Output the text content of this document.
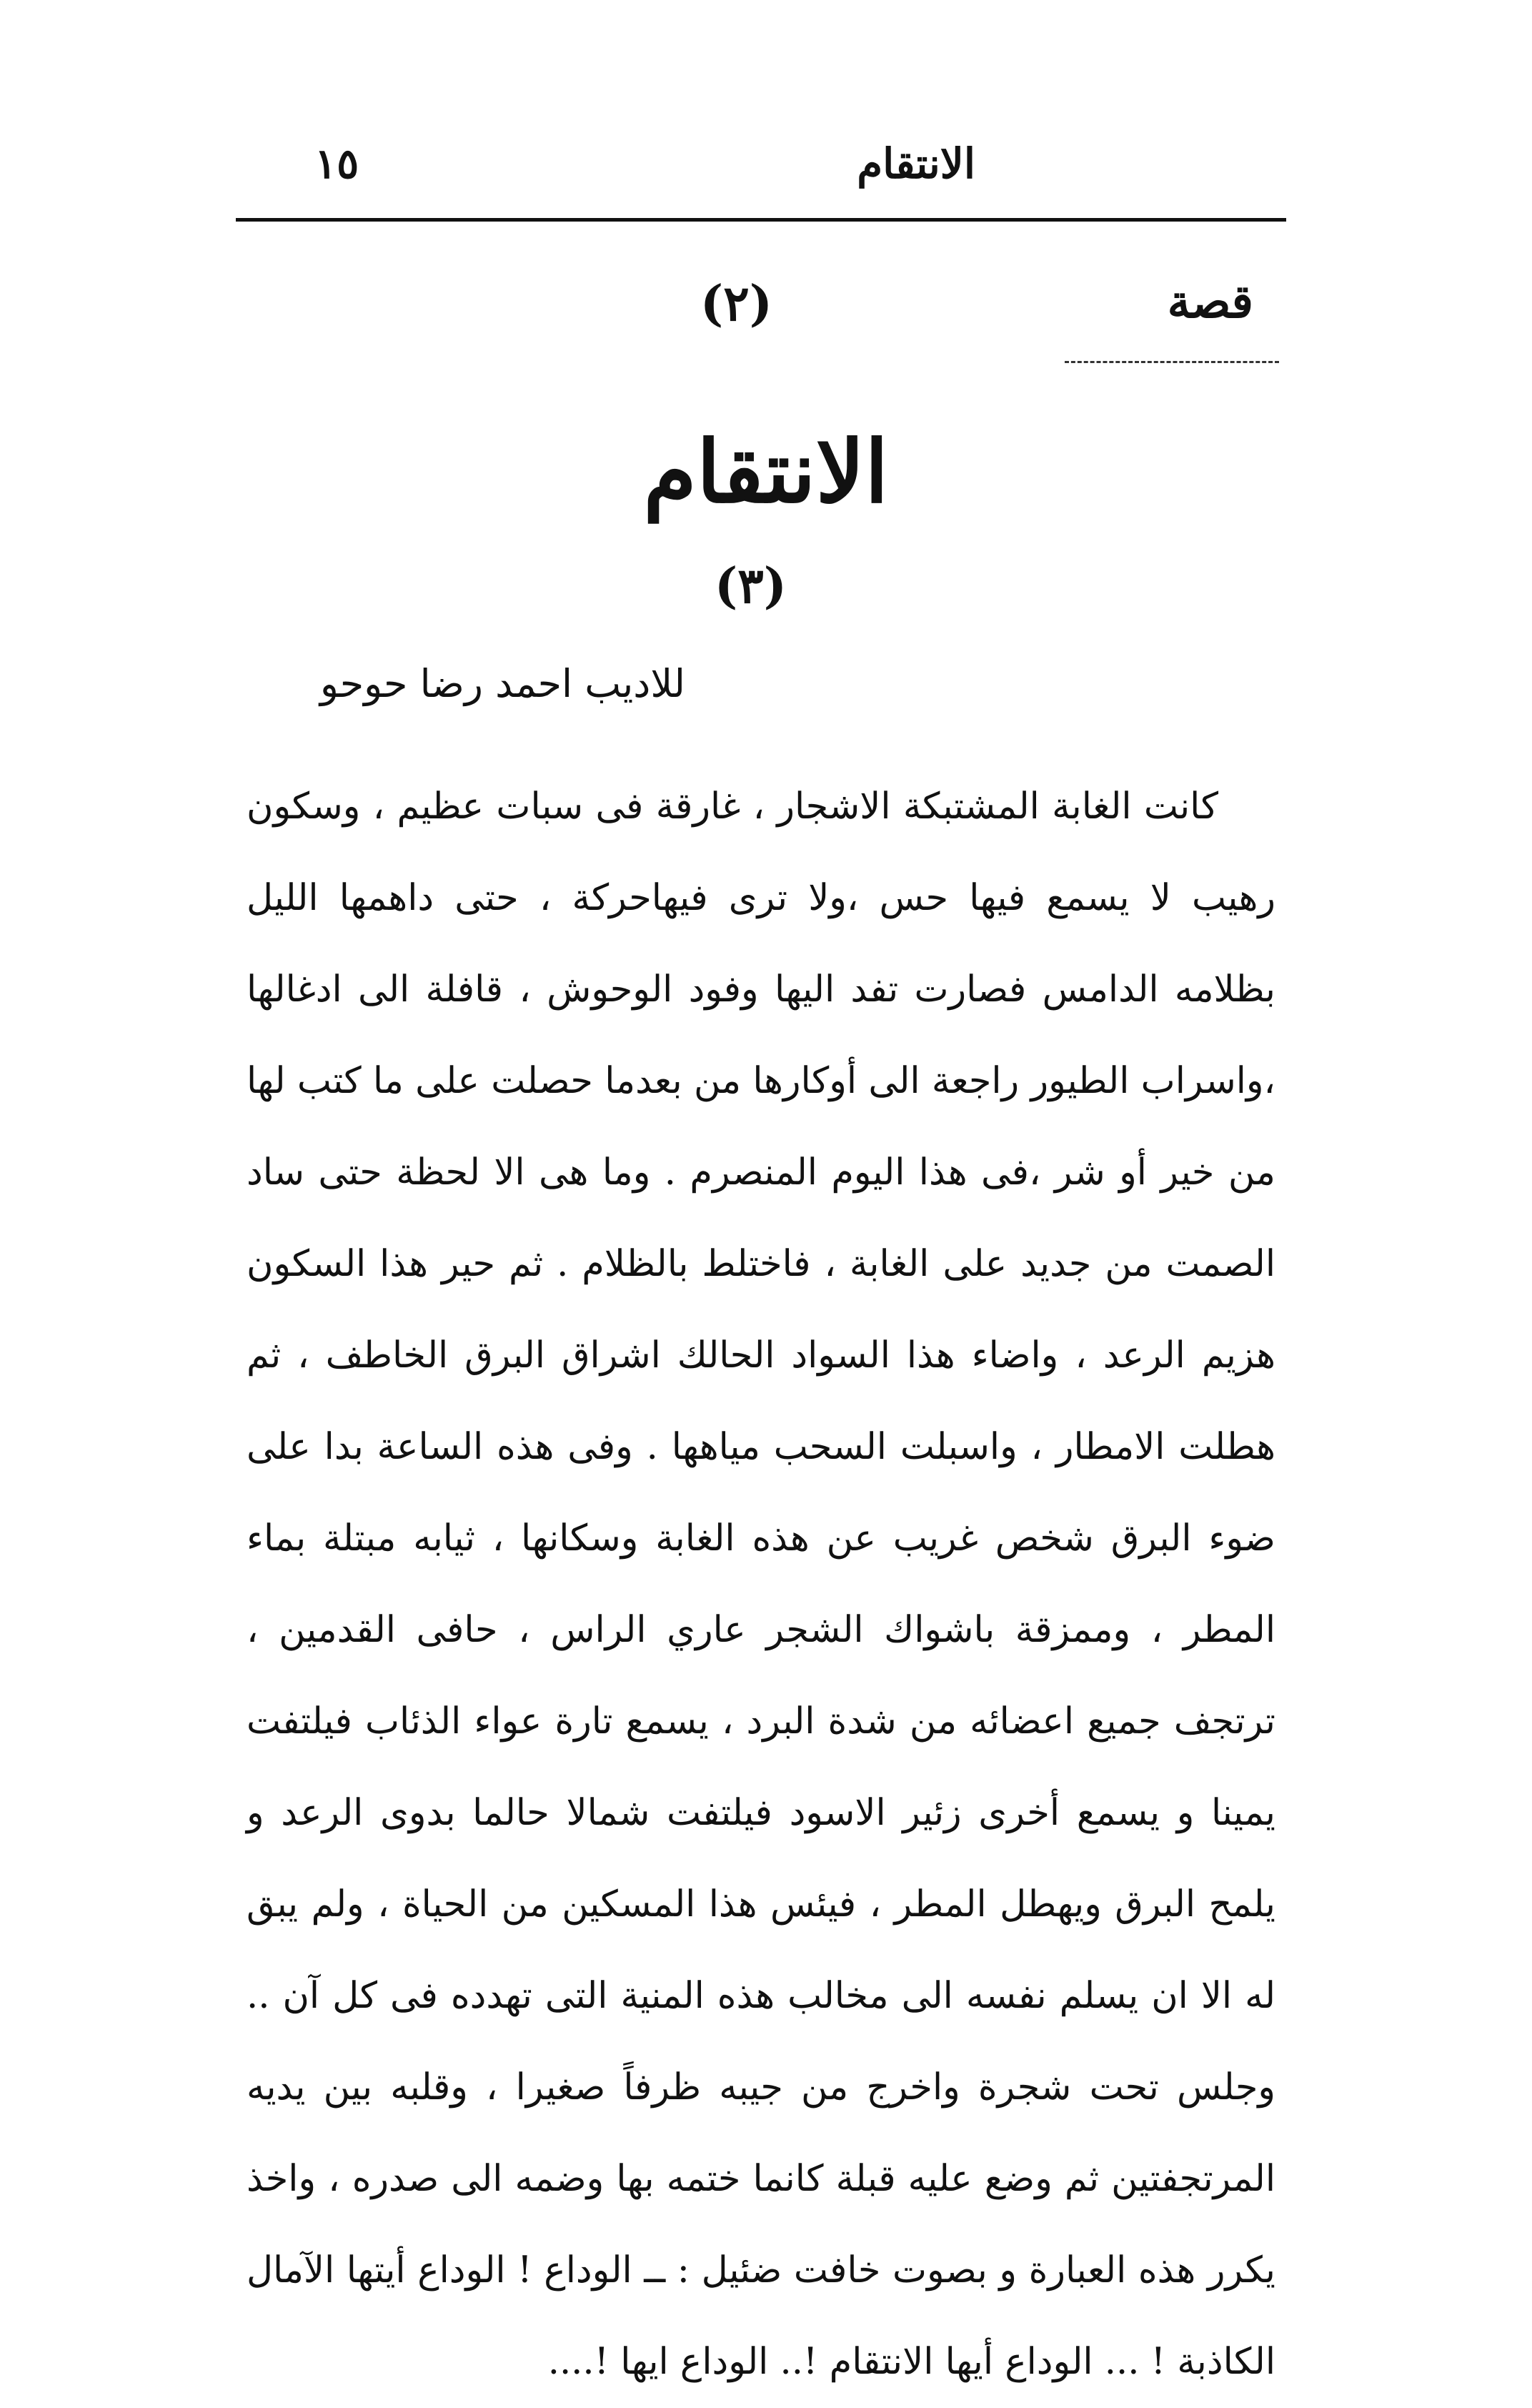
الانتقام
١٥
قصة
(٢)
الانتقام
(٣)
للاديب احمد رضا حوحو

كانت الغابة المشتبكة الاشجار ، غارقة فى سبات عظيم ، وسكون رهيب لا يسمع فيها حس ،ولا ترى فيهاحركة ، حتى داهمها الليل بظلامه الدامس فصارت تفد اليها وفود الوحوش ، قافلة الى ادغالها ،واسراب الطيور راجعة الى أوكارها من بعدما حصلت على ما كتب لها من خير أو شر ،فى هذا اليوم المنصرم . وما هى الا لحظة حتى ساد الصمت من جديد على الغابة ، فاختلط بالظلام . ثم حير هذا السكون هزيم الرعد ، واضاء هذا السواد الحالك اشراق البرق الخاطف ، ثم هطلت الامطار ، واسبلت السحب مياهها . وفى هذه الساعة بدا على ضوء البرق شخص غريب عن هذه الغابة وسكانها ، ثيابه مبتلة بماء المطر ، وممزقة باشواك الشجر عاري الراس ، حافى القدمين ، ترتجف جميع اعضائه من شدة البرد ، يسمع تارة عواء الذئاب فيلتفت يمينا و يسمع أخرى زئير الاسود فيلتفت شمالا حالما بدوى الرعد و يلمح البرق ويهطل المطر ، فيئس هذا المسكين من الحياة ، ولم يبق له الا ان يسلم نفسه الى مخالب هذه المنية التى تهدده فى كل آن .. وجلس تحت شجرة واخرج من جيبه ظرفاً صغيرا ، وقلبه بين يديه المرتجفتين ثم وضع عليه قبلة كانما ختمه بها وضمه الى صدره ، واخذ يكرر هذه العبارة و بصوت خافت ضئيل : ــ الوداع ! الوداع أيتها الآمال الكاذبة ! ... الوداع أيها الانتقام !.. الوداع ايها !....
